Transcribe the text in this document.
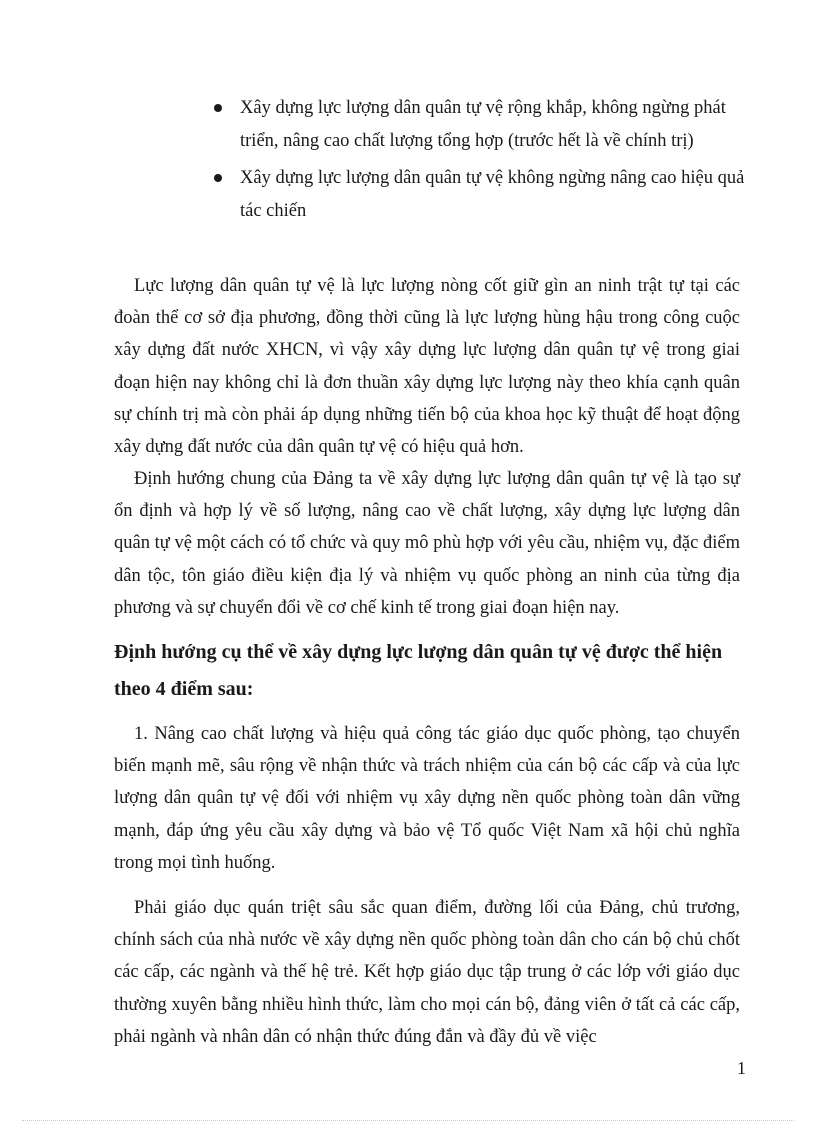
Xây dựng lực lượng dân quân tự vệ rộng khắp, không ngừng phát triển, nâng cao chất lượng tổng hợp (trước hết là về chính trị)
Xây dựng lực lượng dân quân tự vệ không ngừng nâng cao hiệu quả tác chiến

Lực lượng dân quân tự vệ là lực lượng nòng cốt giữ gìn an ninh trật tự tại các đoàn thể cơ sở địa phương, đồng thời cũng là lực lượng hùng hậu trong công cuộc xây dựng đất nước XHCN, vì vậy xây dựng lực lượng dân quân tự vệ trong giai đoạn hiện nay không chỉ là đơn thuần xây dựng lực lượng này theo khía cạnh quân sự chính trị mà còn phải áp dụng những tiến bộ của khoa học kỹ thuật để hoạt động xây dựng đất nước của dân quân tự vệ có hiệu quả hơn.

Định hướng chung của Đảng ta về xây dựng lực lượng dân quân tự vệ là tạo sự ổn định và hợp lý về số lượng, nâng cao về chất lượng, xây dựng lực lượng dân quân tự vệ một cách có tổ chức và quy mô phù hợp với yêu cầu, nhiệm vụ, đặc điểm dân tộc, tôn giáo điều kiện địa lý và nhiệm vụ quốc phòng an ninh của từng địa phương và sự chuyển đổi về cơ chế kinh tế trong giai đoạn hiện nay.

Định hướng cụ thể về xây dựng lực lượng dân quân tự vệ được thể hiện theo 4 điểm sau:

1. Nâng cao chất lượng và hiệu quả công tác giáo dục quốc phòng, tạo chuyển biến mạnh mẽ, sâu rộng về nhận thức và trách nhiệm của cán bộ các cấp và của lực lượng dân quân tự vệ đối với nhiệm vụ xây dựng nền quốc phòng toàn dân vững mạnh, đáp ứng yêu cầu xây dựng và bảo vệ Tổ quốc Việt Nam xã hội chủ nghĩa trong mọi tình huống.

Phải giáo dục quán triệt sâu sắc quan điểm, đường lối của Đảng, chủ trương, chính sách của nhà nước về xây dựng nền quốc phòng toàn dân cho cán bộ chủ chốt các cấp, các ngành và thế hệ trẻ. Kết hợp giáo dục tập trung ở các lớp với giáo dục thường xuyên bằng nhiều hình thức, làm cho mọi cán bộ, đảng viên ở tất cả các cấp, phải ngành và nhân dân có nhận thức đúng đắn và đầy đủ về việc

1
